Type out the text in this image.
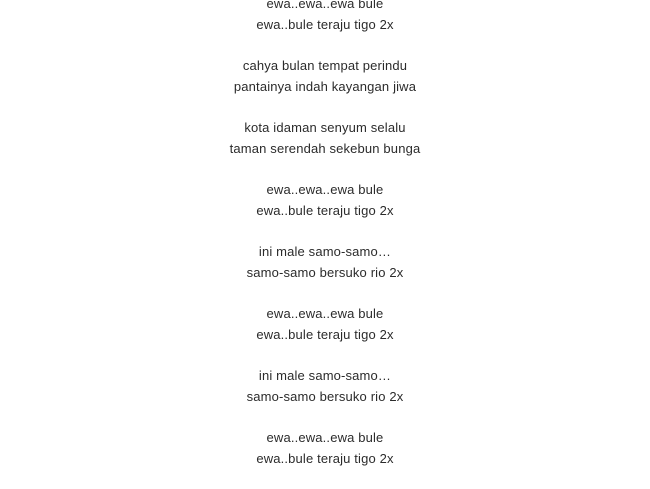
ewa..ewa..ewa bule
ewa..bule teraju tigo 2x
cahya bulan tempat perindu
pantainya indah kayangan jiwa
kota idaman senyum selalu
taman serendah sekebun bunga
ewa..ewa..ewa bule
ewa..bule teraju tigo 2x
ini male samo-samo…
samo-samo bersuko rio 2x
ewa..ewa..ewa bule
ewa..bule teraju tigo 2x
ini male samo-samo…
samo-samo bersuko rio 2x
ewa..ewa..ewa bule
ewa..bule teraju tigo 2x
